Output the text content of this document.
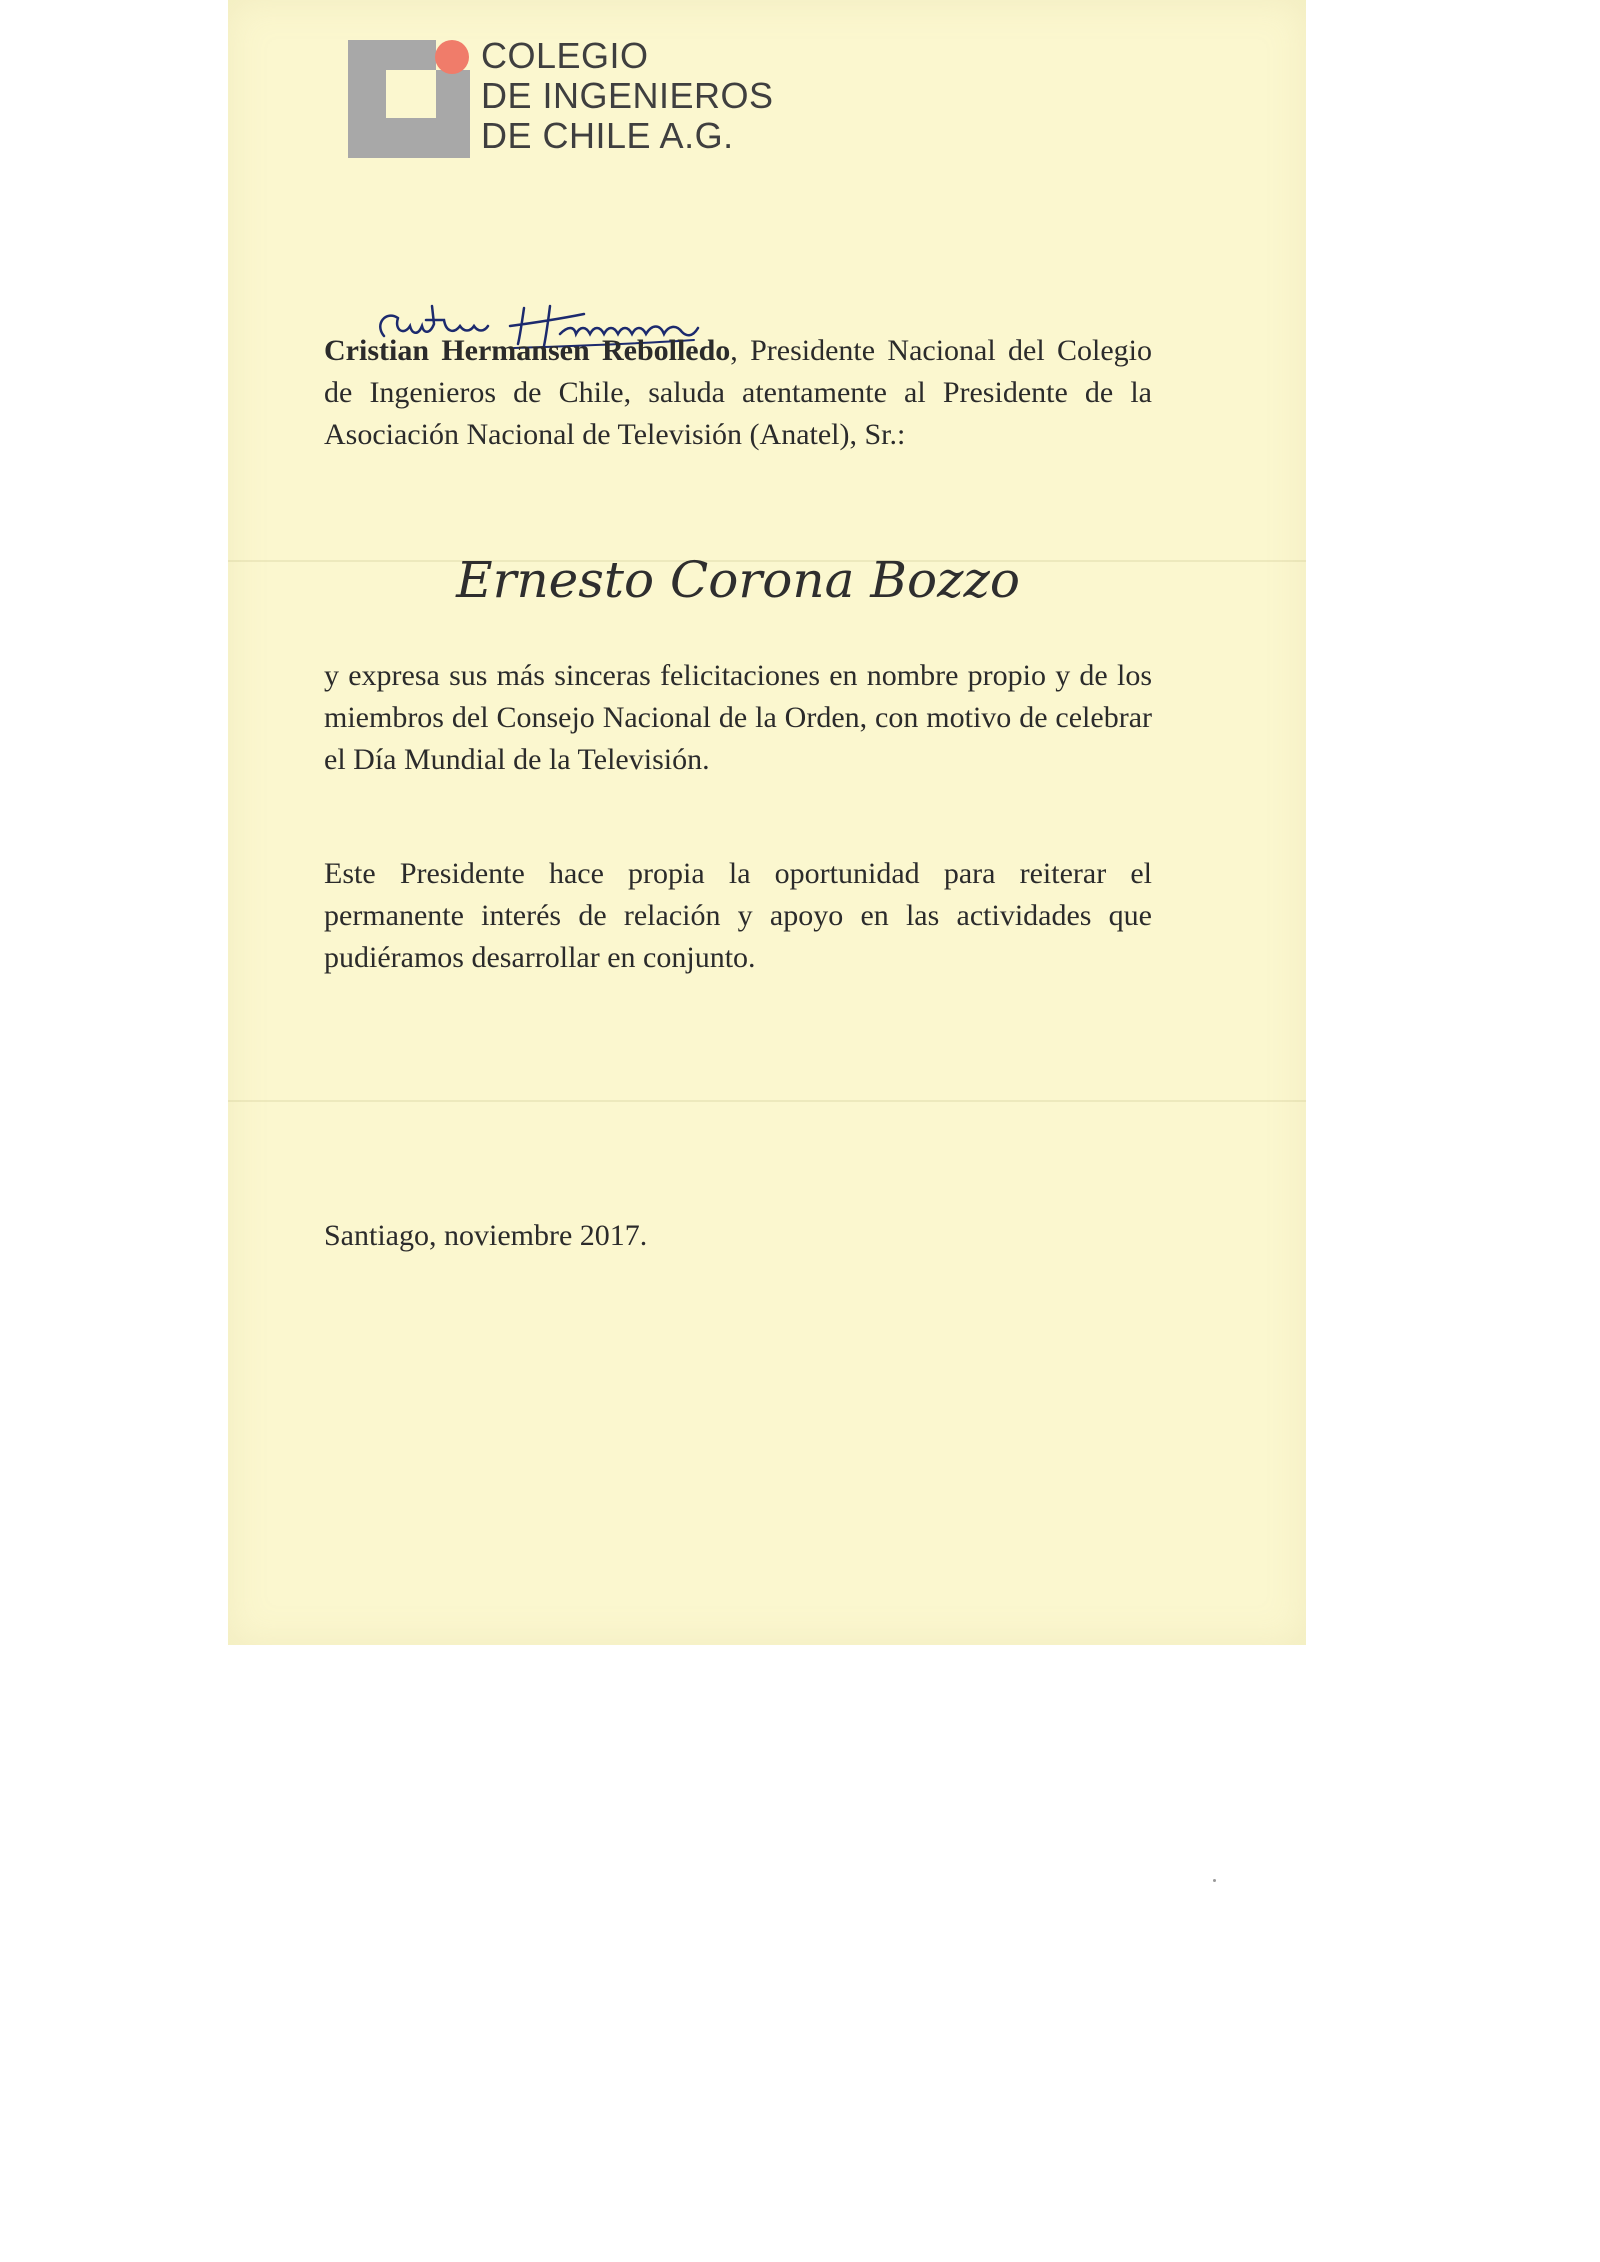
COLEGIO
DE INGENIEROS
DE CHILE A.G.

Cristian Hermansen Rebolledo, Presidente Nacional del Colegio de Ingenieros de Chile, saluda atentamente al Presidente de la Asociación Nacional de Televisión (Anatel), Sr.:

Ernesto Corona Bozzo

y expresa sus más sinceras felicitaciones en nombre propio y de los miembros del Consejo Nacional de la Orden, con motivo de celebrar el Día Mundial de la Televisión.

Este Presidente hace propia la oportunidad para reiterar el permanente interés de relación y apoyo en las actividades que pudiéramos desarrollar en conjunto.

Santiago, noviembre 2017.
